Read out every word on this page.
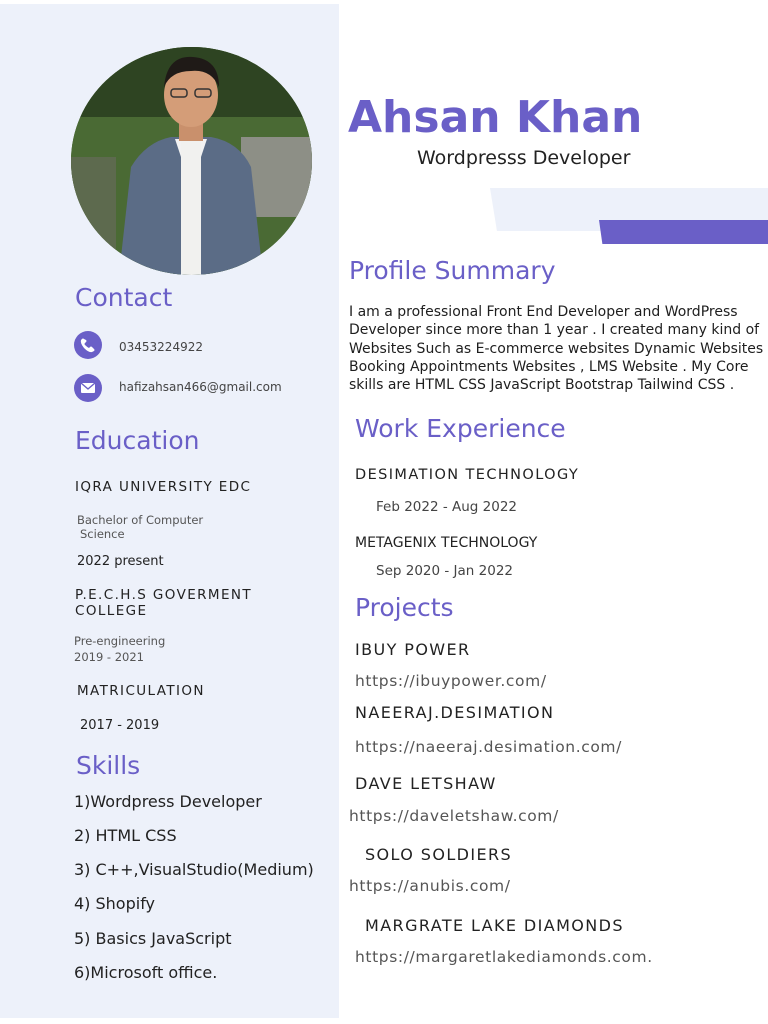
Contact
03453224922
hafizahsan466@gmail.com
Education
IQRA UNIVERSITY EDC
Bachelor of Computer
Science
2022 present
P.E.C.H.S GOVERMENT
COLLEGE
Pre-engineering
2019 - 2021
MATRICULATION
2017 - 2019
Skills
1)Wordpress Developer
2) HTML CSS
3) C++,VisualStudio(Medium)
4) Shopify
5) Basics JavaScript
6)Microsoft office.
Ahsan Khan
Wordpresss Developer
Profile Summary
I am a professional Front End Developer and WordPress Developer since more than 1 year . I created many kind of Websites Such as E-commerce websites Dynamic Websites Booking Appointments Websites , LMS Website . My Core skills are HTML CSS JavaScript Bootstrap Tailwind CSS .
Work Experience
DESIMATION TECHNOLOGY
Feb 2022 - Aug 2022
METAGENIX TECHNOLOGY
Sep 2020 - Jan 2022
Projects
IBUY POWER
https://ibuypower.com/
NAEERAJ.DESIMATION
https://naeeraj.desimation.com/
DAVE LETSHAW
https://daveletshaw.com/
SOLO SOLDIERS
https://anubis.com/
MARGRATE LAKE DIAMONDS
https://margaretlakediamonds.com.
